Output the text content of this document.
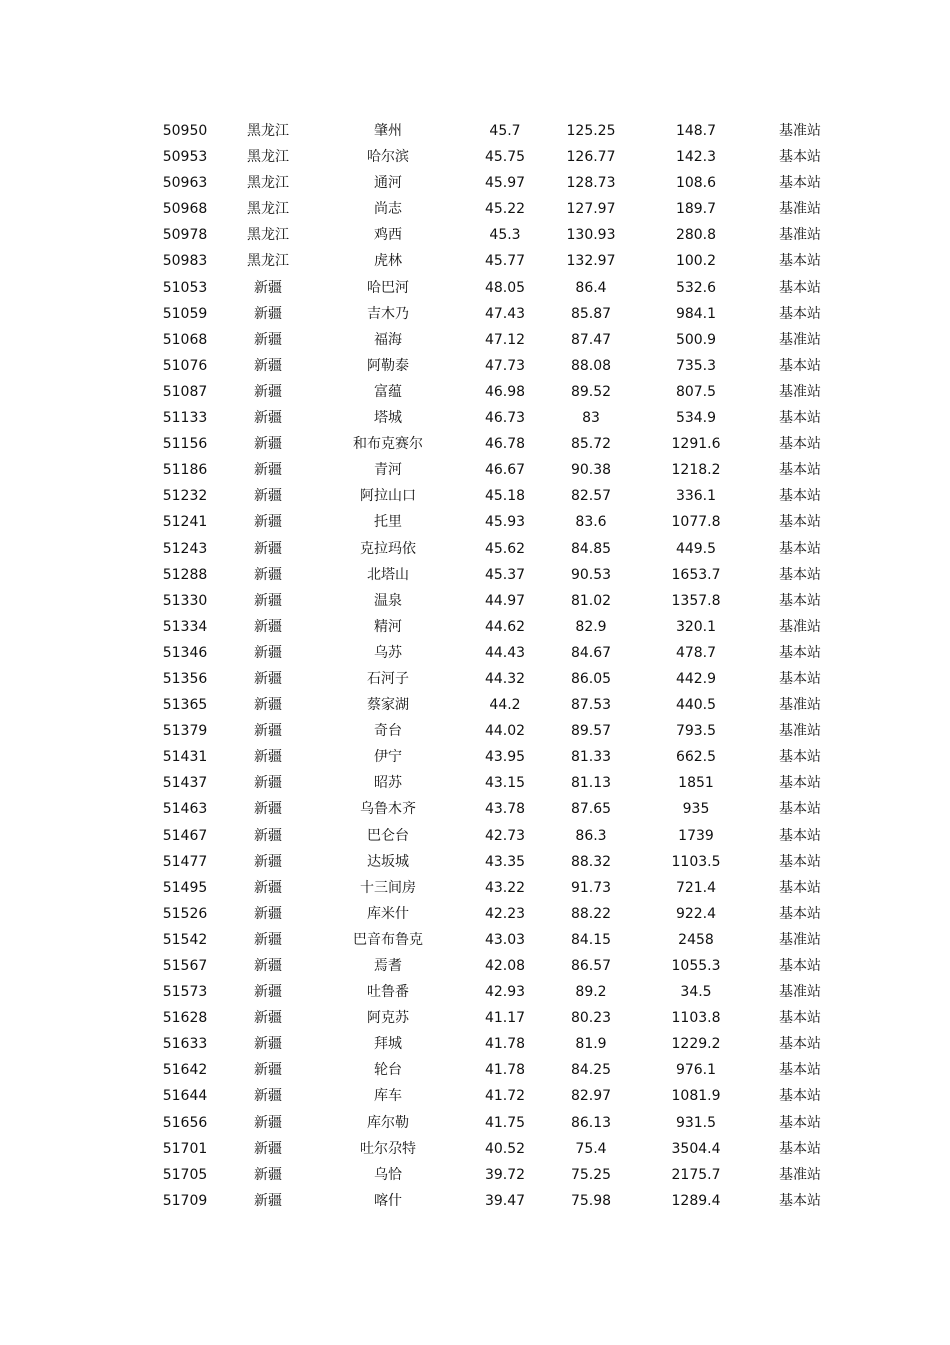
50950	黑龙江	肇州	45.7	125.25	148.7	基准站
50953	黑龙江	哈尔滨	45.75	126.77	142.3	基本站
50963	黑龙江	通河	45.97	128.73	108.6	基本站
50968	黑龙江	尚志	45.22	127.97	189.7	基准站
50978	黑龙江	鸡西	45.3	130.93	280.8	基准站
50983	黑龙江	虎林	45.77	132.97	100.2	基本站
51053	新疆	哈巴河	48.05	86.4	532.6	基本站
51059	新疆	吉木乃	47.43	85.87	984.1	基本站
51068	新疆	福海	47.12	87.47	500.9	基准站
51076	新疆	阿勒泰	47.73	88.08	735.3	基本站
51087	新疆	富蕴	46.98	89.52	807.5	基准站
51133	新疆	塔城	46.73	83	534.9	基本站
51156	新疆	和布克赛尔	46.78	85.72	1291.6	基本站
51186	新疆	青河	46.67	90.38	1218.2	基本站
51232	新疆	阿拉山口	45.18	82.57	336.1	基本站
51241	新疆	托里	45.93	83.6	1077.8	基本站
51243	新疆	克拉玛依	45.62	84.85	449.5	基本站
51288	新疆	北塔山	45.37	90.53	1653.7	基本站
51330	新疆	温泉	44.97	81.02	1357.8	基本站
51334	新疆	精河	44.62	82.9	320.1	基准站
51346	新疆	乌苏	44.43	84.67	478.7	基本站
51356	新疆	石河子	44.32	86.05	442.9	基本站
51365	新疆	蔡家湖	44.2	87.53	440.5	基准站
51379	新疆	奇台	44.02	89.57	793.5	基准站
51431	新疆	伊宁	43.95	81.33	662.5	基本站
51437	新疆	昭苏	43.15	81.13	1851	基本站
51463	新疆	乌鲁木齐	43.78	87.65	935	基本站
51467	新疆	巴仑台	42.73	86.3	1739	基本站
51477	新疆	达坂城	43.35	88.32	1103.5	基本站
51495	新疆	十三间房	43.22	91.73	721.4	基本站
51526	新疆	库米什	42.23	88.22	922.4	基本站
51542	新疆	巴音布鲁克	43.03	84.15	2458	基准站
51567	新疆	焉耆	42.08	86.57	1055.3	基本站
51573	新疆	吐鲁番	42.93	89.2	34.5	基准站
51628	新疆	阿克苏	41.17	80.23	1103.8	基本站
51633	新疆	拜城	41.78	81.9	1229.2	基本站
51642	新疆	轮台	41.78	84.25	976.1	基本站
51644	新疆	库车	41.72	82.97	1081.9	基本站
51656	新疆	库尔勒	41.75	86.13	931.5	基本站
51701	新疆	吐尔尕特	40.52	75.4	3504.4	基本站
51705	新疆	乌恰	39.72	75.25	2175.7	基准站
51709	新疆	喀什	39.47	75.98	1289.4	基本站
